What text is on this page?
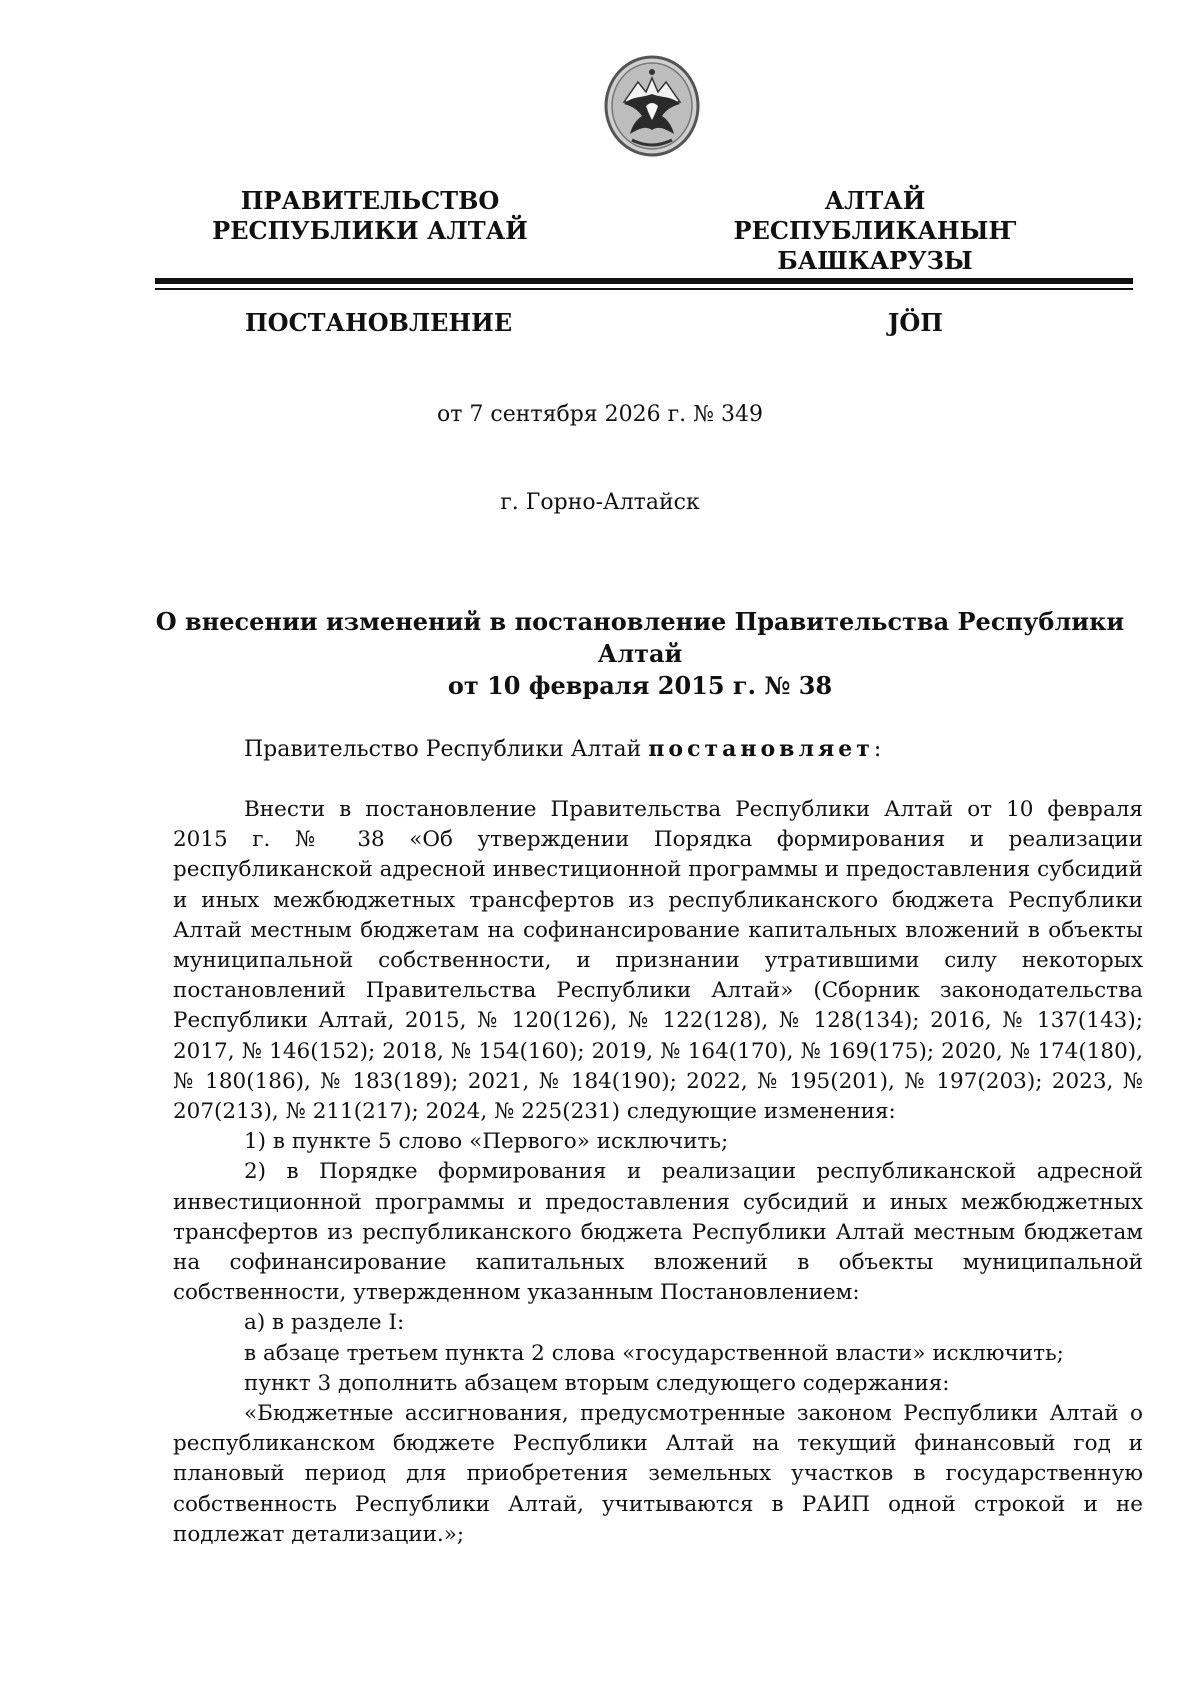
ПРАВИТЕЛЬСТВО
РЕСПУБЛИКИ АЛТАЙ
АЛТАЙ РЕСПУБЛИКАНЫҤ
БАШКАРУЗЫ
ПОСТАНОВЛЕНИЕ	ЈӦП
от 7 сентября 2026 г. № 349
г. Горно-Алтайск
О внесении изменений в постановление Правительства Республики Алтай
от 10 февраля 2015 г. № 38
Правительство Республики Алтай постановляет:

Внести в постановление Правительства Республики Алтай от 10 февраля 2015 г. № 38 «Об утверждении Порядка формирования и реализации республиканской адресной инвестиционной программы и предоставления субсидий и иных межбюджетных трансфертов из республиканского бюджета Республики Алтай местным бюджетам на софинансирование капитальных вложений в объекты муниципальной собственности, и признании утратившими силу некоторых постановлений Правительства Республики Алтай» (Сборник законодательства Республики Алтай, 2015, № 120(126), № 122(128), № 128(134); 2016, № 137(143); 2017, № 146(152); 2018, № 154(160); 2019, № 164(170), № 169(175); 2020, № 174(180), № 180(186), № 183(189); 2021, № 184(190); 2022, № 195(201), № 197(203); 2023, № 207(213), № 211(217); 2024, № 225(231) следующие изменения:

1) в пункте 5 слово «Первого» исключить;

2) в Порядке формирования и реализации республиканской адресной инвестиционной программы и предоставления субсидий и иных межбюджетных трансфертов из республиканского бюджета Республики Алтай местным бюджетам на софинансирование капитальных вложений в объекты муниципальной собственности, утвержденном указанным Постановлением:

а) в разделе I:

в абзаце третьем пункта 2 слова «государственной власти» исключить;

пункт 3 дополнить абзацем вторым следующего содержания:

«Бюджетные ассигнования, предусмотренные законом Республики Алтай о республиканском бюджете Республики Алтай на текущий финансовый год и плановый период для приобретения земельных участков в государственную собственность Республики Алтай, учитываются в РАИП одной строкой и не подлежат детализации.»;
